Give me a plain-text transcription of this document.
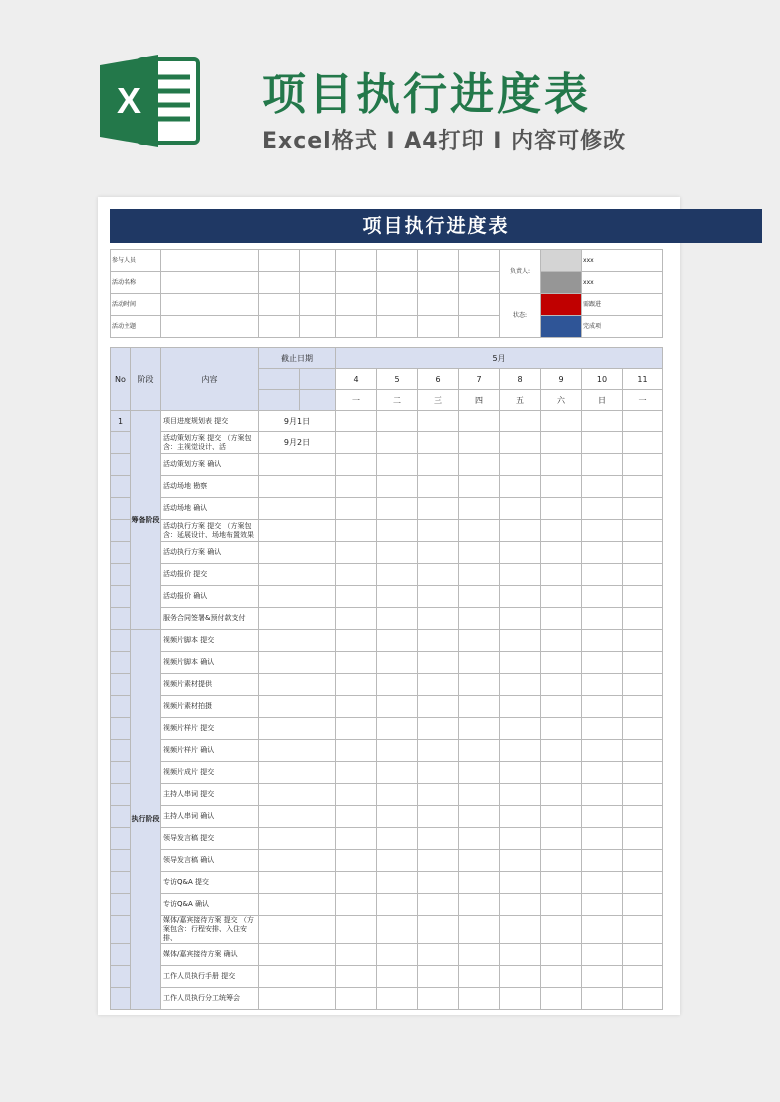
X	项目执行进度表
Excel格式 I A4打印 I 内容可修改
项目执行进度表
参与人员									负责人:		xxx	
活动名称											xxx	
活动时间									状态:		需跟进	
活动主题											完成项	

No	阶段	内容	截止日期		5月							
					4	5	6	7	8	9	10	11
					一	二	三	四	五	六	日	一
1	筹备阶段	项目进度规划表 提交	9月1日									
		活动策划方案 提交 （方案包含：主视觉设计、活	9月2日									
		活动策划方案 确认										
		活动场地 勘察										
		活动场地 确认										
		活动执行方案 提交 （方案包含：延展设计、场地布置效果										
		活动执行方案 确认										
		活动报价 提交										
		活动报价 确认										
		服务合同签署&预付款支付										
	执行阶段	视频片脚本 提交										
		视频片脚本 确认										
		视频片素材提供										
		视频片素材拍摄										
		视频片样片 提交										
		视频片样片 确认										
		视频片成片 提交										
		主持人串词 提交										
		主持人串词 确认										
		领导发言稿 提交										
		领导发言稿 确认										
		专访Q&A 提交										
		专访Q&A 确认										
		媒体/嘉宾接待方案 提交 （方案包含：行程安排、入住安排、										
		媒体/嘉宾接待方案 确认										
		工作人员执行手册 提交										
		工作人员执行分工统筹会										
